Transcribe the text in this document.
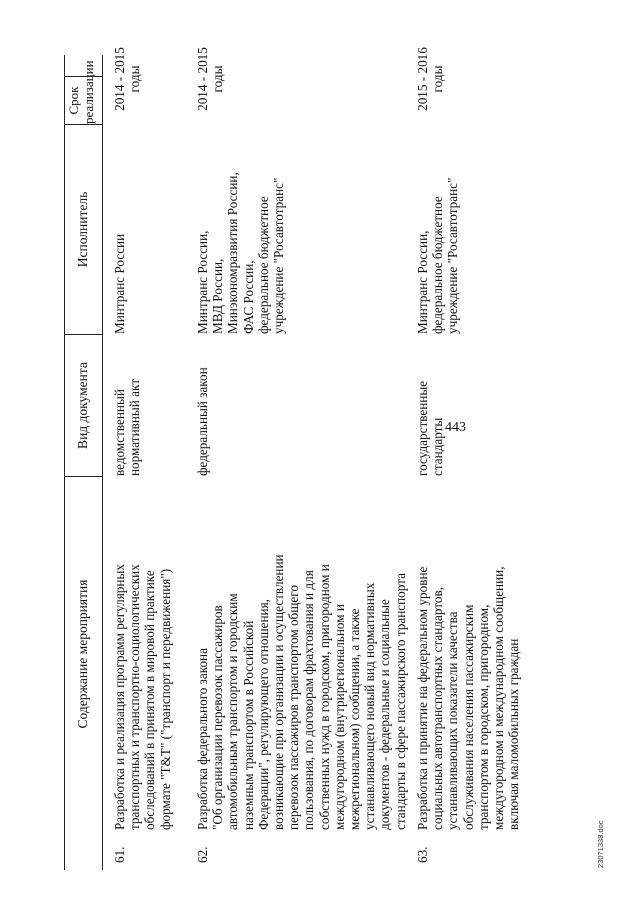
443
Содержание мероприятия
Вид документа
Исполнитель
Срок
реализации
61.
Разработка и реализация программ регулярных
транспортных и транспортно-социологических
обследований в принятом в мировой практике
формате "Т&Т" ("транспорт и передвижения")
ведомственный
нормативный акт
Минтранс России
2014 - 2015
годы
62.
Разработка федерального закона
"Об организации перевозок пассажиров
автомобильным транспортом и городским
наземным транспортом в Российской
Федерации", регулирующего отношения,
возникающие при организации и осуществлении
перевозок пассажиров транспортом общего
пользования, по договорам фрахтования и для
собственных нужд в городском, пригородном и
междугородном (внутрирегиональном и
межрегиональном) сообщении, а также
устанавливающего новый вид нормативных
документов - федеральные и социальные
стандарты в сфере пассажирского транспорта
федеральный закон
Минтранс России,
МВД России,
Минэкономразвития России,
ФАС России,
федеральное бюджетное
учреждение "Росавтотранс"
2014 - 2015
годы
63.
Разработка и принятие на федеральном уровне
социальных автотранспортных стандартов,
устанавливающих показатели качества
обслуживания населения пассажирским
транспортом в городском, пригородном,
междугородном и международном сообщении,
включая маломобильных граждан
государственные
стандарты
Минтранс России,
федеральное бюджетное
учреждение "Росавтотранс"
2015 - 2016
годы
23071338.doc
